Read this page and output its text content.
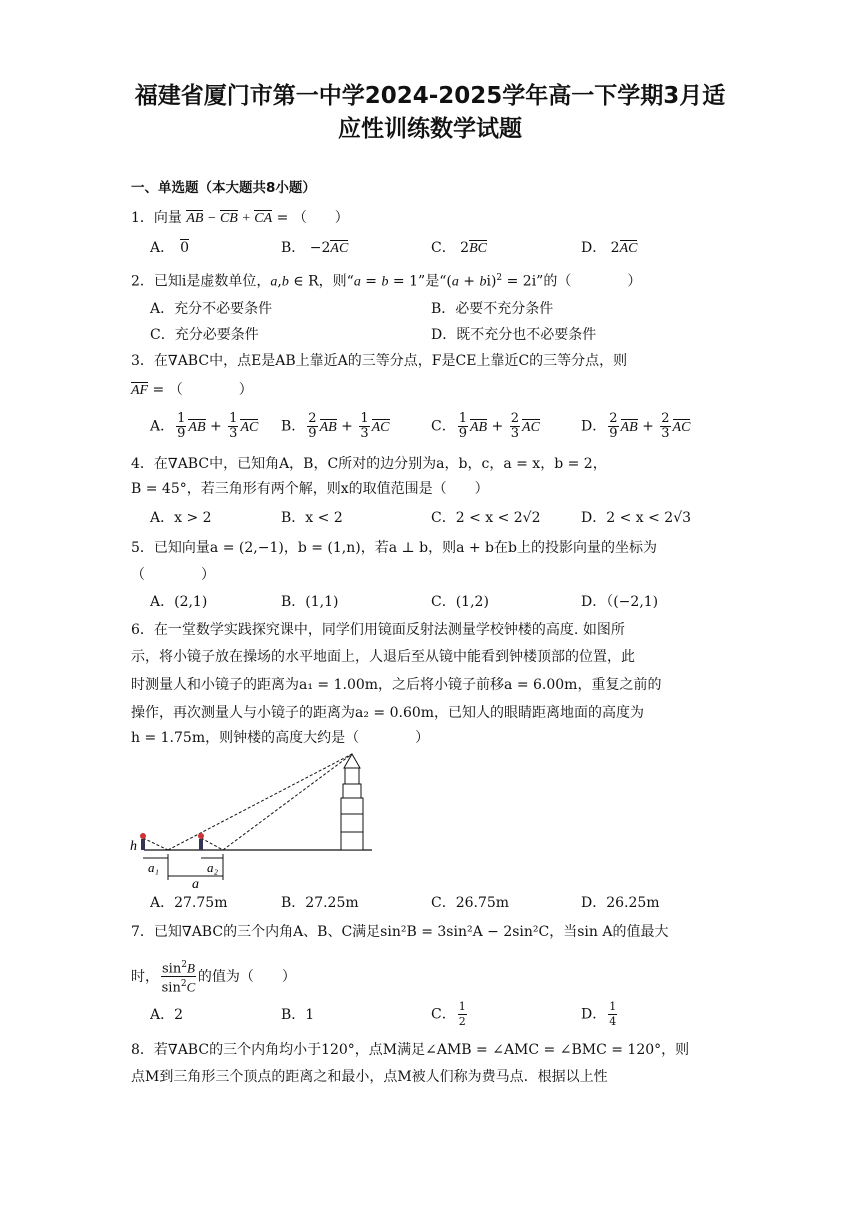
福建省厦门市第一中学2024-2025学年高一下学期3月适
应性训练数学试题
一、单选题（本大题共8小题）
1．向量 AB − CB + CA = （　　）
A． 0	B． −2AC	C． 2BC	D． 2AC
2．已知i是虚数单位，a,b ∈ R，则“a = b = 1”是“(a + bi)$^2$ = 2i”的（　　　　）
A．充分不必要条件	B．必要不充分条件
C．充分必要条件	D．既不充分也不必要条件
3．在∇ABC中，点E是AB上靠近A的三等分点，F是CE上靠近C的三等分点，则
AF = （　　　　）
A． $\frac{1}{9}$ AB + $\frac{1}{3}$ AC B． $\frac{2}{9}$ AB + $\frac{1}{3}$ AC	C． $\frac{1}{9}$ AB + $\frac{2}{3}$ AC	D． $\frac{2}{9}$ AB + $\frac{2}{3}$ AC
4．在∇ABC中，已知角A，B，C所对的边分别为a，b，c，a = x，b = 2，
B = 45°，若三角形有两个解，则x的取值范围是（　　）
A．x > 2	B．x < 2	C．2 < x < 2√2	D．2 < x < 2√3
5．已知向量a = (2,−1)，b = (1,n)，若a ⊥ b，则a + b在b上的投影向量的坐标为
（　　　　）
A．(2,1)	B．(1,1)	C．(1,2)	D．（(−2,1)
6．在一堂数学实践探究课中，同学们用镜面反射法测量学校钟楼的高度. 如图所
示，将小镜子放在操场的水平地面上，人退后至从镜中能看到钟楼顶部的位置，此
时测量人和小镜子的距离为a₁ = 1.00m，之后将小镜子前移a = 6.00m，重复之前的
操作，再次测量人与小镜子的距离为a₂ = 0.60m，已知人的眼睛距离地面的高度为
h = 1.75m，则钟楼的高度大约是（　　　　）
h
a₁	a₂
a
A．27.75m	B．27.25m	C．26.75m	D．26.25m
7．已知∇ABC的三个内角A、B、C满足sin²B = 3sin²A − 2sin²C，当sin A的值最大
时， $\frac{\sin^2B}{\sin^2C}$ 的值为（　　）
A．2	B．1	C． $\frac{1}{2}$	D． $\frac{1}{4}$
8．若∇ABC的三个内角均小于120°，点M满足∠AMB = ∠AMC = ∠BMC = 120°，则
点M到三角形三个顶点的距离之和最小，点M被人们称为费马点．根据以上性
